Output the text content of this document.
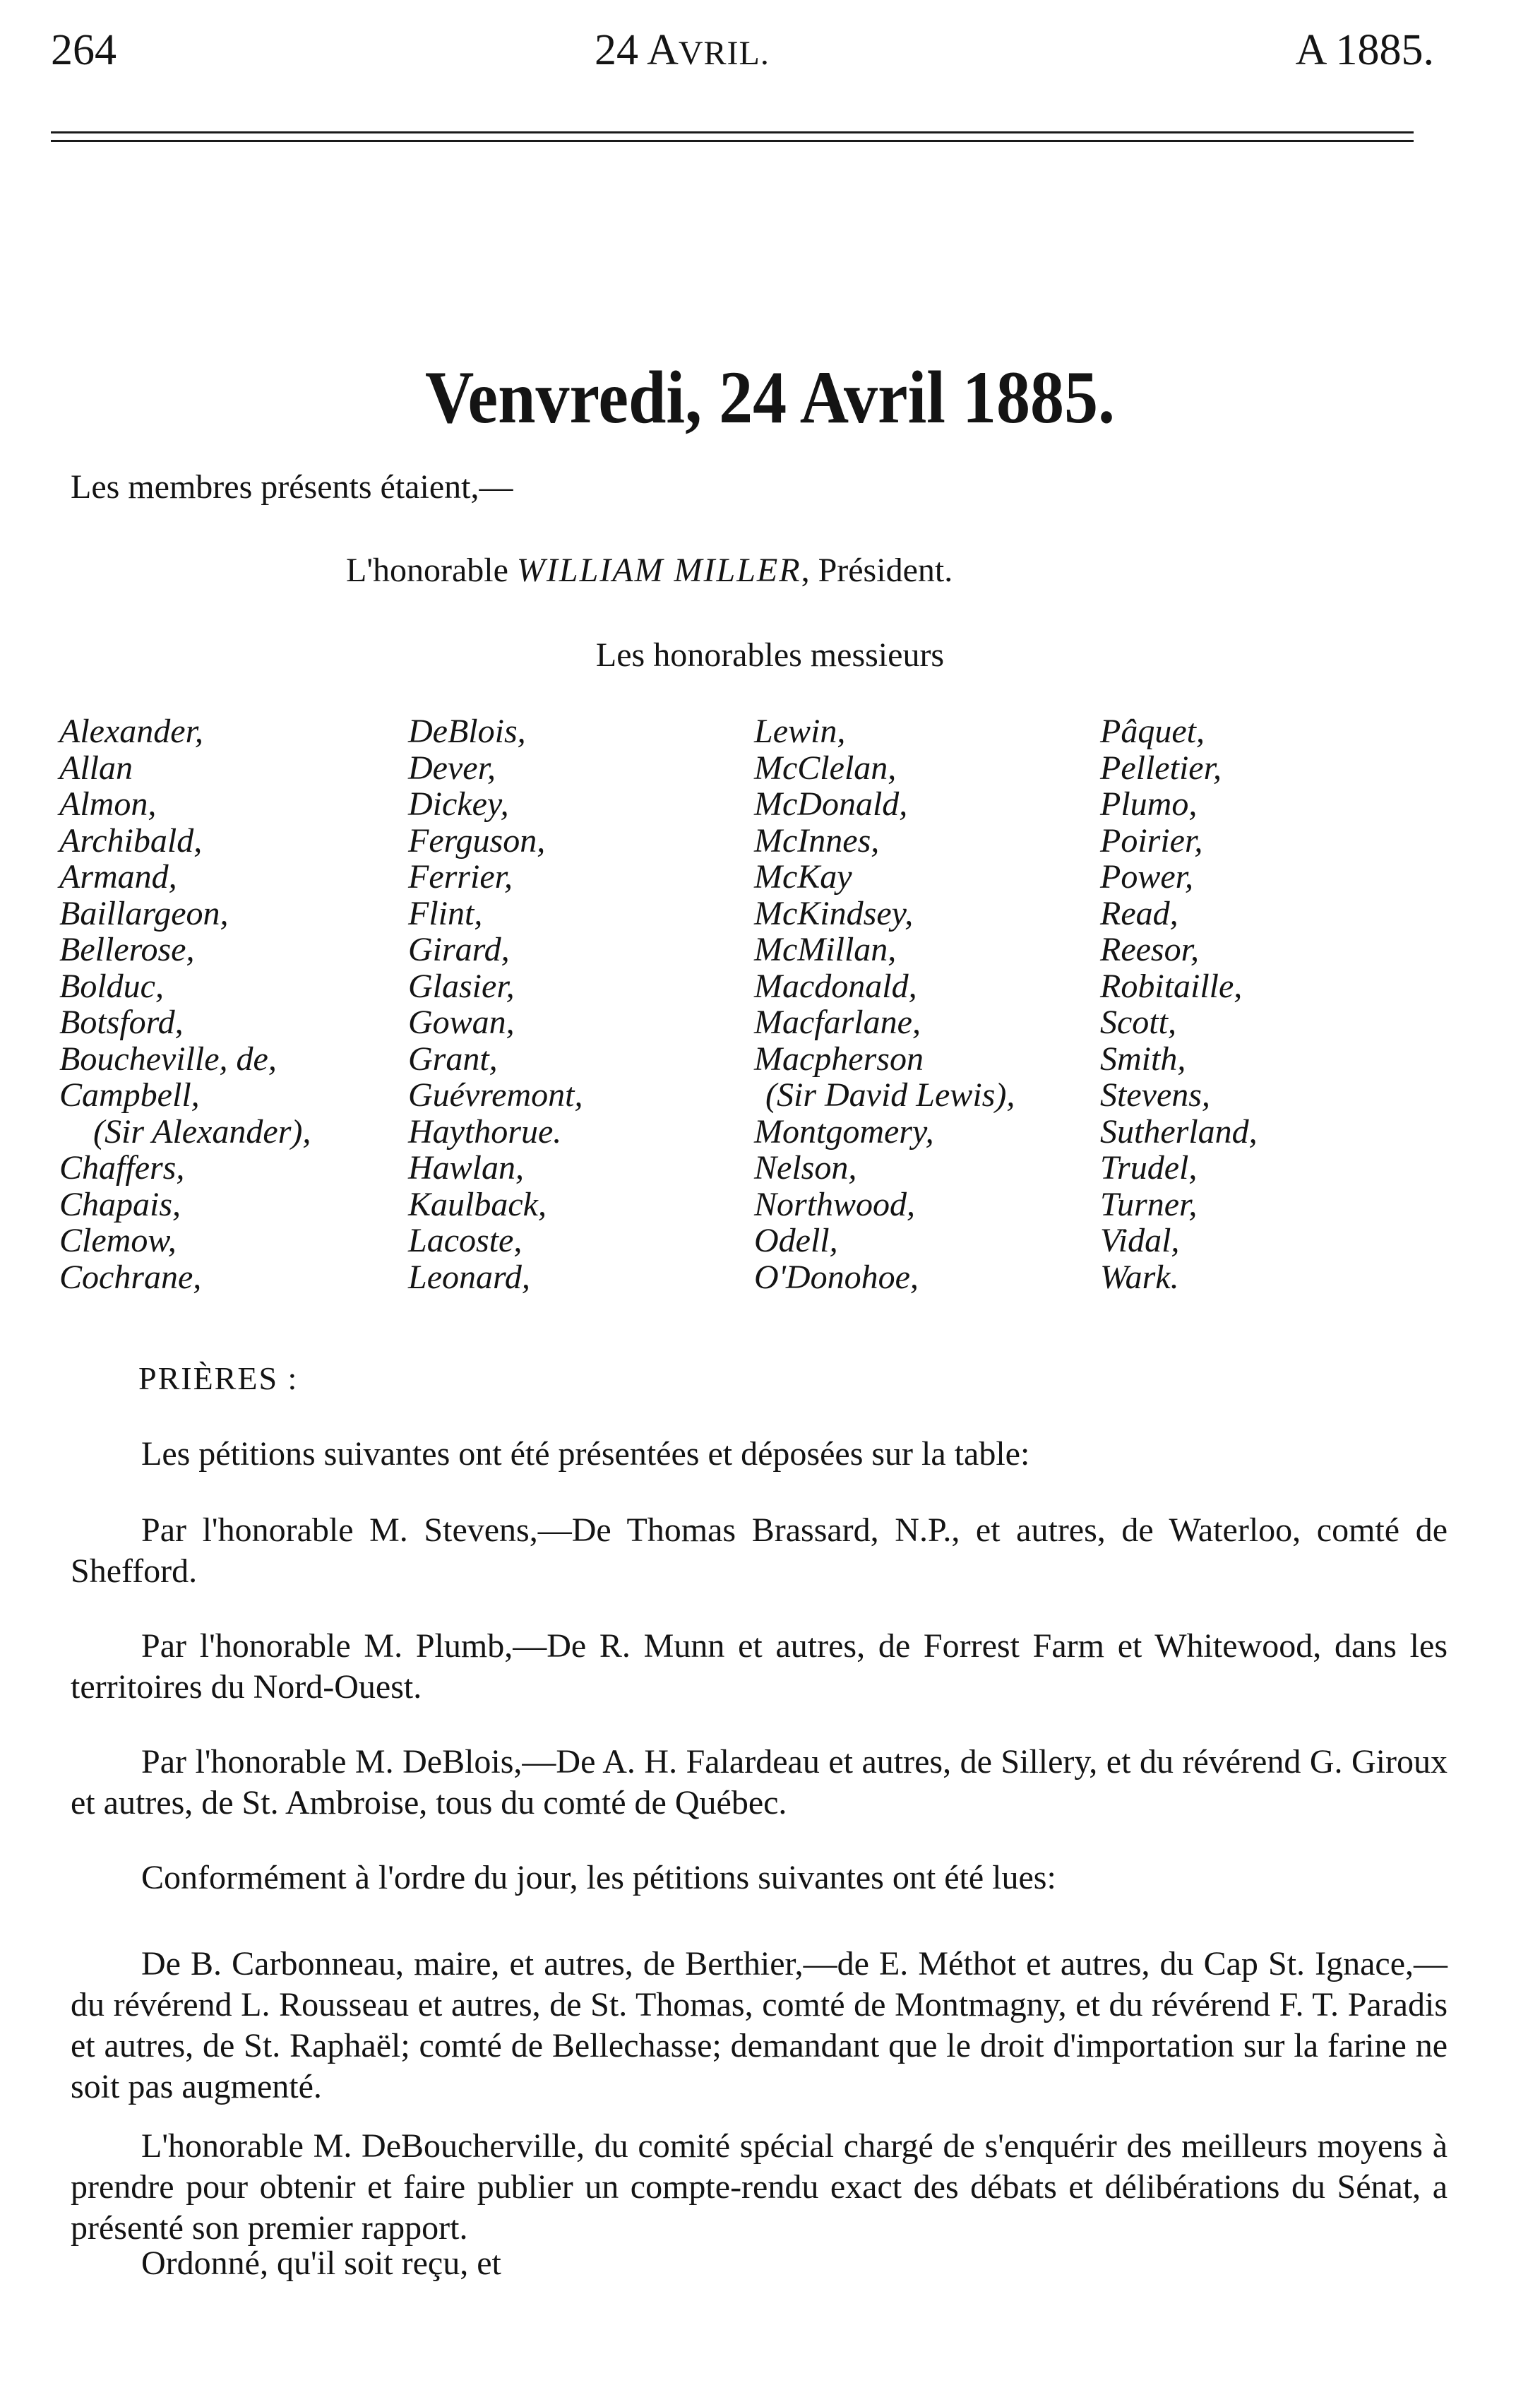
264	24 AVRIL.	A 1885.
Venvredi, 24 Avril 1885.
Les membres présents étaient,—
L'honorable WILLIAM MILLER, Président.
Les honorables messieurs
Alexander,
Allan
Almon,
Archibald,
Armand,
Baillargeon,
Bellerose,
Bolduc,
Botsford,
Boucheville, de,
Campbell,
(Sir Alexander),
Chaffers,
Chapais,
Clemow,
Cochrane,
DeBlois,
Dever,
Dickey,
Ferguson,
Ferrier,
Flint,
Girard,
Glasier,
Gowan,
Grant,
Guévremont,
Haythorue.
Hawlan,
Kaulback,
Lacoste,
Leonard,
Lewin,
McClelan,
McDonald,
McInnes,
McKay
McKindsey,
McMillan,
Macdonald,
Macfarlane,
Macpherson
(Sir David Lewis),
Montgomery,
Nelson,
Northwood,
Odell,
O'Donohoe,
Pâquet,
Pelletier,
Plumo,
Poirier,
Power,
Read,
Reesor,
Robitaille,
Scott,
Smith,
Stevens,
Sutherland,
Trudel,
Turner,
Vidal,
Wark.
PRIÈRES :
Les pétitions suivantes ont été présentées et déposées sur la table:
Par l'honorable M. Stevens,—De Thomas Brassard, N.P., et autres, de Waterloo, comté de Shefford.
Par l'honorable M. Plumb,—De R. Munn et autres, de Forrest Farm et Whitewood, dans les territoires du Nord-Ouest.
Par l'honorable M. DeBlois,—De A. H. Falardeau et autres, de Sillery, et du révérend G. Giroux et autres, de St. Ambroise, tous du comté de Québec.
Conformément à l'ordre du jour, les pétitions suivantes ont été lues:
De B. Carbonneau, maire, et autres, de Berthier,—de E. Méthot et autres, du Cap St. Ignace,—du révérend L. Rousseau et autres, de St. Thomas, comté de Montmagny, et du révérend F. T. Paradis et autres, de St. Raphaël; comté de Bellechasse; demandant que le droit d'importation sur la farine ne soit pas augmenté.
L'honorable M. DeBoucherville, du comité spécial chargé de s'enquérir des meilleurs moyens à prendre pour obtenir et faire publier un compte-rendu exact des débats et délibérations du Sénat, a présenté son premier rapport.
Ordonné, qu'il soit reçu, et
